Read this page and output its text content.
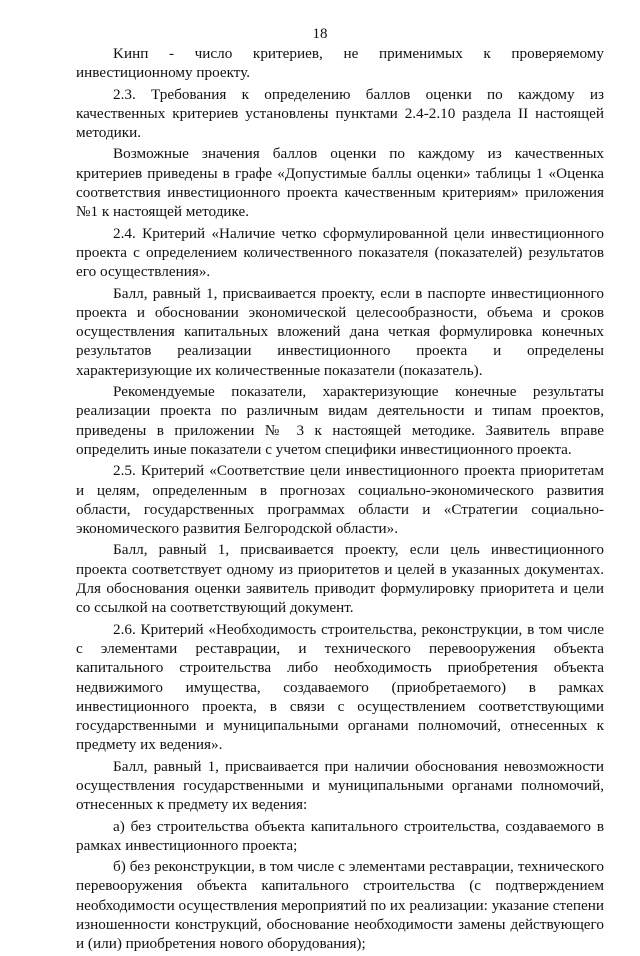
18

Kинп - число критериев, не применимых к проверяемому инвестиционному проекту.

2.3. Требования к определению баллов оценки по каждому из качественных критериев установлены пунктами 2.4-2.10 раздела II настоящей методики.

Возможные значения баллов оценки по каждому из качественных критериев приведены в графе «Допустимые баллы оценки» таблицы 1 «Оценка соответствия инвестиционного проекта качественным критериям» приложения №1 к настоящей методике.

2.4. Критерий «Наличие четко сформулированной цели инвестиционного проекта с определением количественного показателя (показателей) результатов его осуществления».

Балл, равный 1, присваивается проекту, если в паспорте инвестиционного проекта и обосновании экономической целесообразности, объема и сроков осуществления капитальных вложений дана четкая формулировка конечных результатов реализации инвестиционного проекта и определены характеризующие их количественные показатели (показатель).

Рекомендуемые показатели, характеризующие конечные результаты реализации проекта по различным видам деятельности и типам проектов, приведены в приложении № 3 к настоящей методике. Заявитель вправе определить иные показатели с учетом специфики инвестиционного проекта.

2.5. Критерий «Соответствие цели инвестиционного проекта приоритетам и целям, определенным в прогнозах социально-экономического развития области, государственных программах области и «Стратегии социально-экономического развития Белгородской области».

Балл, равный 1, присваивается проекту, если цель инвестиционного проекта соответствует одному из приоритетов и целей в указанных документах. Для обоснования оценки заявитель приводит формулировку приоритета и цели со ссылкой на соответствующий документ.

2.6. Критерий «Необходимость строительства, реконструкции, в том числе с элементами реставрации, и технического перевооружения объекта капитального строительства либо необходимость приобретения объекта недвижимого имущества, создаваемого (приобретаемого) в рамках инвестиционного проекта, в связи с осуществлением соответствующими государственными и муниципальными органами полномочий, отнесенных к предмету их ведения».

Балл, равный 1, присваивается при наличии обоснования невозможности осуществления государственными и муниципальными органами полномочий, отнесенных к предмету их ведения:

а) без строительства объекта капитального строительства, создаваемого в рамках инвестиционного проекта;

б) без реконструкции, в том числе с элементами реставрации, технического перевооружения объекта капитального строительства (с подтверждением необходимости осуществления мероприятий по их реализации: указание степени изношенности конструкций, обоснование необходимости замены действующего и (или) приобретения нового оборудования);
